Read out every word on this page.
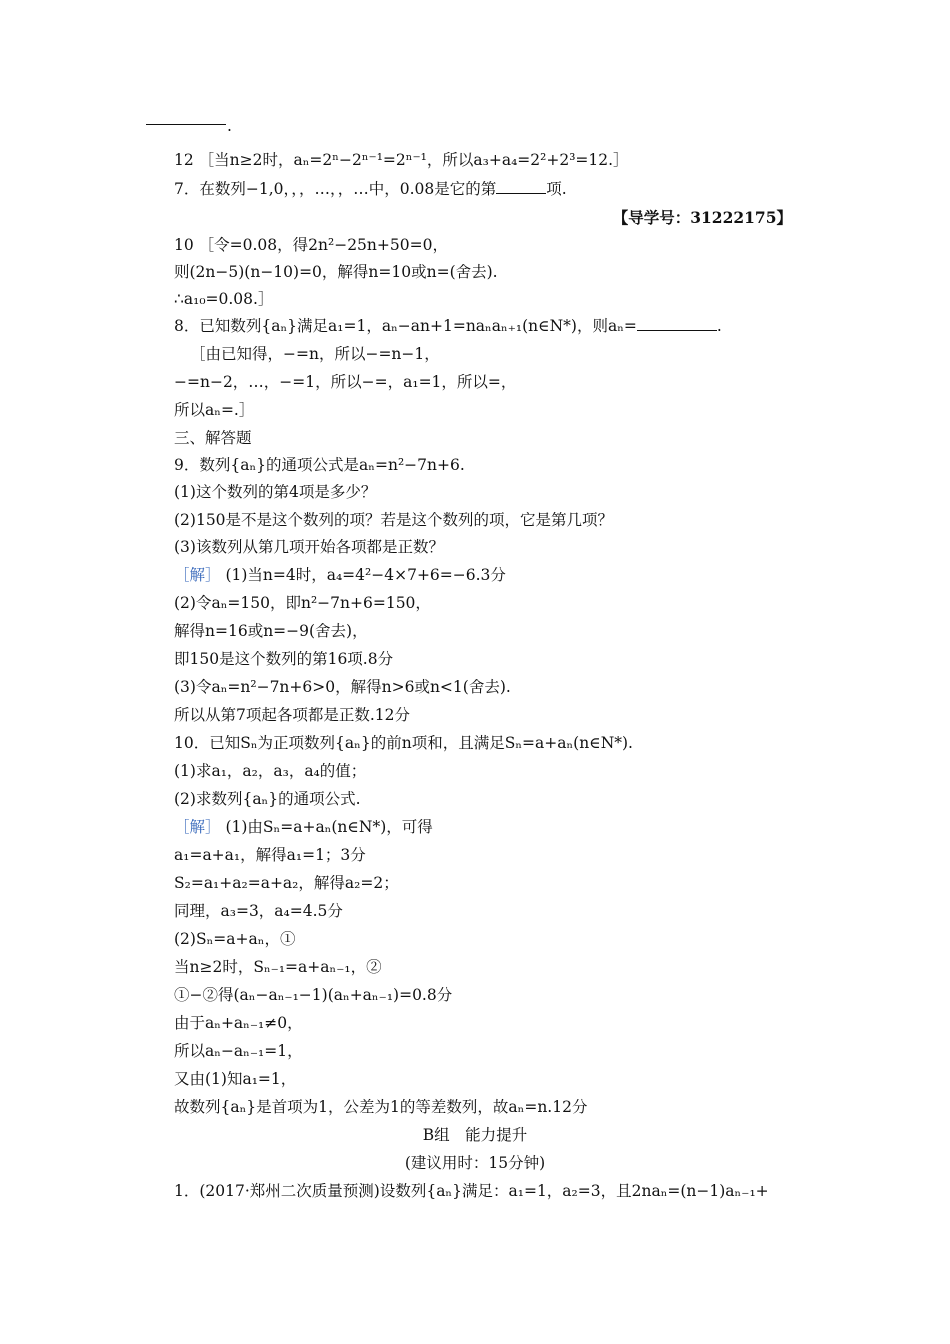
.
12 ［当n≥2时，aₙ=2ⁿ−2ⁿ⁻¹=2ⁿ⁻¹，所以a₃+a₄=2²+2³=12.］
7．在数列−1,0，，，…，，…中，0.08是它的第	项.
【导学号：31222175】
10 ［令=0.08，得2n²−25n+50=0，
则(2n−5)(n−10)=0，解得n=10或n=(舍去).
∴a₁₀=0.08.］
8．已知数列{aₙ}满足a₁=1，aₙ−an+1=naₙaₙ₊₁(n∈N*)，则aₙ=	.
［由已知得，−=n，所以−=n−1，
−=n−2，…，−=1，所以−=，a₁=1，所以=，
所以aₙ=.］
三、解答题
9．数列{aₙ}的通项公式是aₙ=n²−7n+6.
(1)这个数列的第4项是多少？
(2)150是不是这个数列的项？若是这个数列的项，它是第几项？
(3)该数列从第几项开始各项都是正数？
［解］ (1)当n=4时，a₄=4²−4×7+6=−6.3分
(2)令aₙ=150，即n²−7n+6=150，
解得n=16或n=−9(舍去)，
即150是这个数列的第16项.8分
(3)令aₙ=n²−7n+6>0，解得n>6或n<1(舍去).
所以从第7项起各项都是正数.12分
10．已知Sₙ为正项数列{aₙ}的前n项和，且满足Sₙ=a+aₙ(n∈N*).
(1)求a₁，a₂，a₃，a₄的值；
(2)求数列{aₙ}的通项公式.
［解］ (1)由Sₙ=a+aₙ(n∈N*)，可得
a₁=a+a₁，解得a₁=1；3分
S₂=a₁+a₂=a+a₂，解得a₂=2；
同理，a₃=3，a₄=4.5分
(2)Sₙ=a+aₙ，①
当n≥2时，Sₙ₋₁=a+aₙ₋₁，②
①−②得(aₙ−aₙ₋₁−1)(aₙ+aₙ₋₁)=0.8分
由于aₙ+aₙ₋₁≠0，
所以aₙ−aₙ₋₁=1，
又由(1)知a₁=1，
故数列{aₙ}是首项为1，公差为1的等差数列，故aₙ=n.12分
B组　能力提升
(建议用时：15分钟)
1．(2017·郑州二次质量预测)设数列{aₙ}满足：a₁=1，a₂=3，且2naₙ=(n−1)aₙ₋₁+
